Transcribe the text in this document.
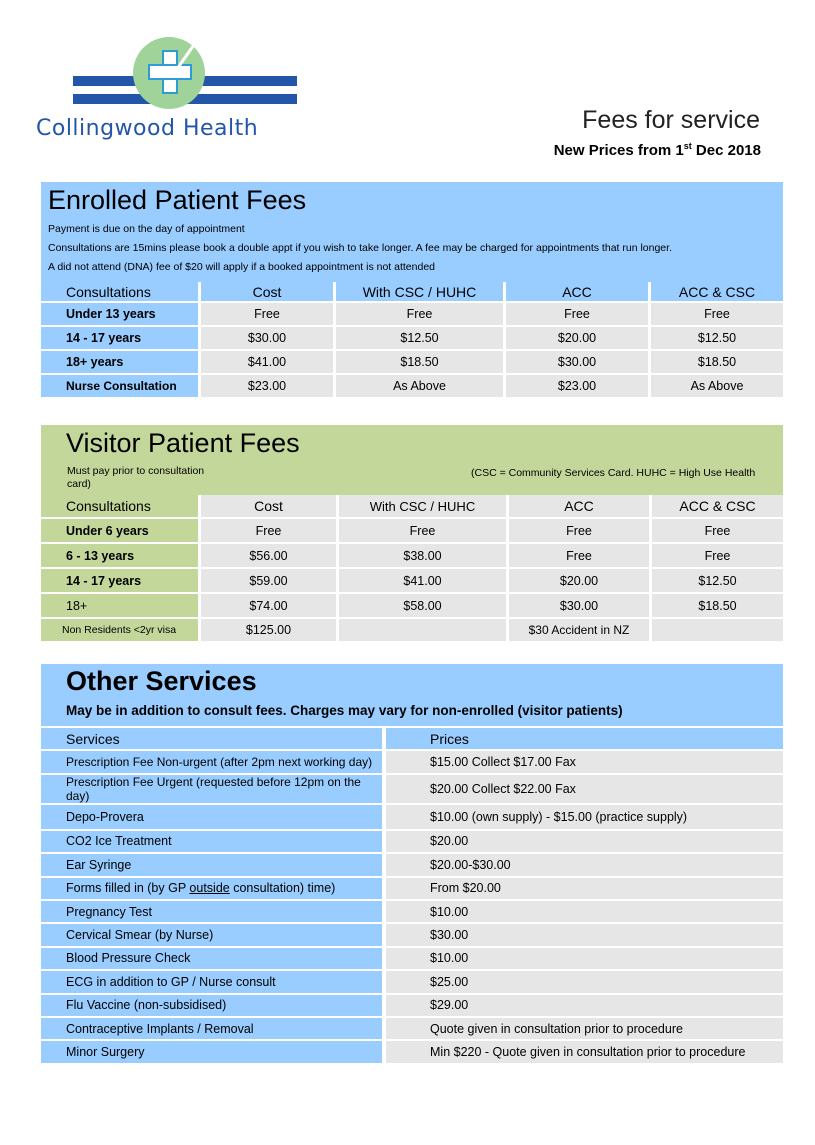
Collingwood Health	Fees for service
New Prices from 1st Dec 2018
Enrolled Patient Fees
Payment is due on the day of appointment
Consultations are 15mins please book a double appt if you wish to take longer. A fee may be charged for appointments that run longer.
A did not attend (DNA) fee of $20 will apply if a booked appointment is not attended
Consultations	Cost	With CSC / HUHC	ACC	ACC & CSC
Under 13 years	Free	Free	Free	Free
14 - 17 years	$30.00	$12.50	$20.00	$12.50
18+ years	$41.00	$18.50	$30.00	$18.50
Nurse Consultation	$23.00	As Above	$23.00	As Above
Visitor Patient Fees
Must pay prior to consultation card)
(CSC = Community Services Card. HUHC = High Use Health
Consultations	Cost	With CSC / HUHC	ACC	ACC & CSC
Under 6 years	Free	Free	Free	Free
6 - 13 years	$56.00	$38.00	Free	Free
14 - 17 years	$59.00	$41.00	$20.00	$12.50
18+	$74.00	$58.00	$30.00	$18.50
Non Residents <2yr visa	$125.00		$30 Accident in NZ	
Other Services
May be in addition to consult fees. Charges may vary for non-enrolled (visitor patients)
Services	Prices
Prescription Fee Non-urgent (after 2pm next working day)	$15.00 Collect $17.00 Fax
Prescription Fee Urgent (requested before 12pm on the day)	$20.00 Collect $22.00 Fax
Depo-Provera	$10.00 (own supply) - $15.00 (practice supply)
CO2 Ice Treatment	$20.00
Ear Syringe	$20.00-$30.00
Forms filled in (by GP outside consultation) time)	From $20.00
Pregnancy Test	$10.00
Cervical Smear (by Nurse)	$30.00
Blood Pressure Check	$10.00
ECG in addition to GP / Nurse consult	$25.00
Flu Vaccine (non-subsidised)	$29.00
Contraceptive Implants / Removal	Quote given in consultation prior to procedure
Minor Surgery	Min $220 - Quote given in consultation prior to procedure
